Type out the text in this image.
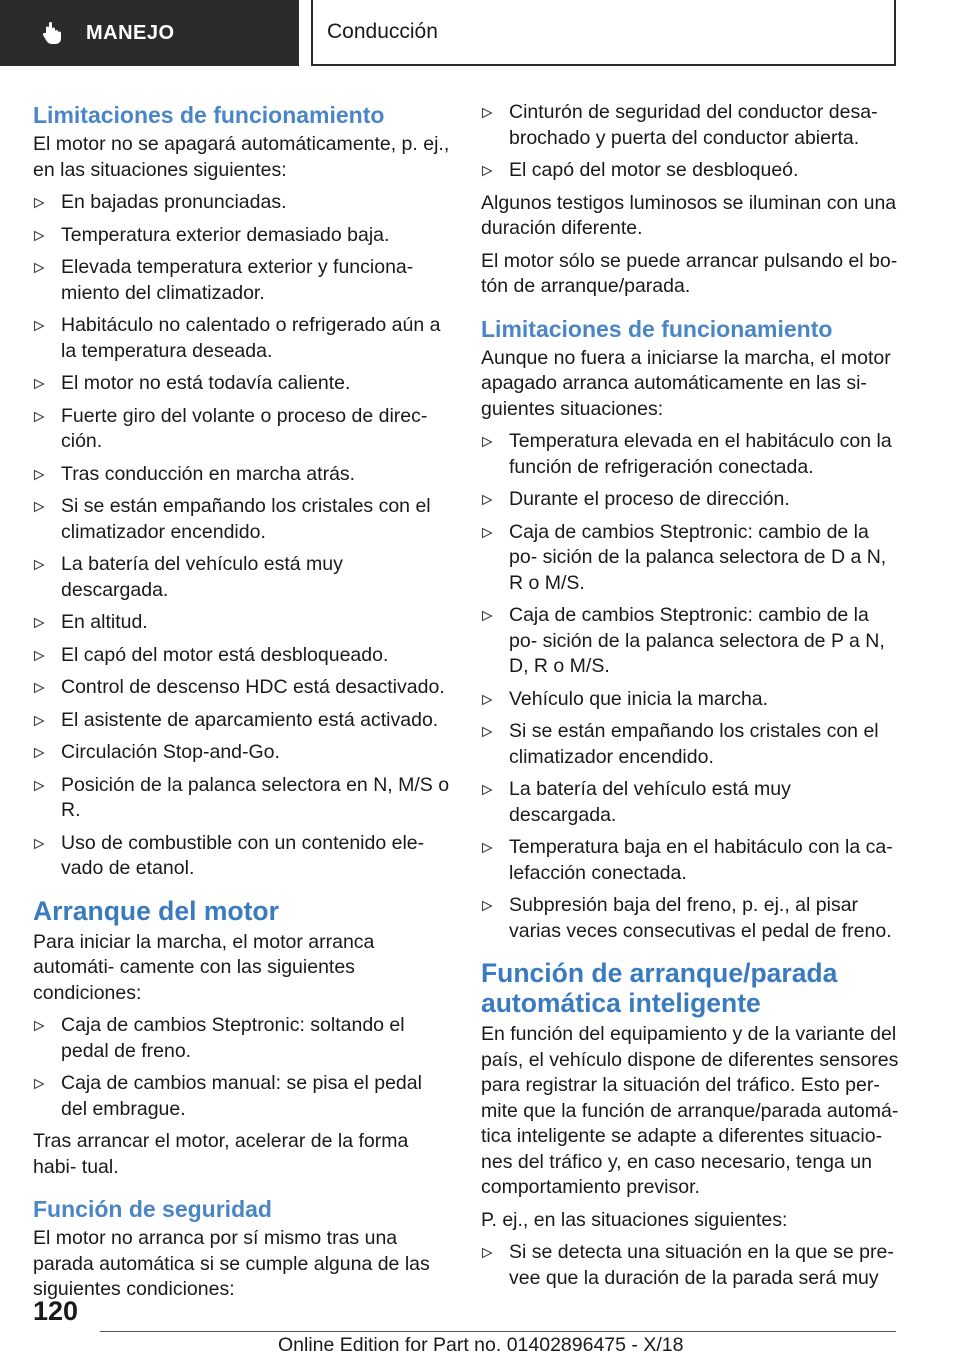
MANEJO	Conducción
Limitaciones de funcionamiento

El motor no se apagará automáticamente, p. ej., en las situaciones siguientes:

En bajadas pronunciadas.
Temperatura exterior demasiado baja.
Elevada temperatura exterior y funciona- miento del climatizador.
Habitáculo no calentado o refrigerado aún a la temperatura deseada.
El motor no está todavía caliente.
Fuerte giro del volante o proceso de direc- ción.
Tras conducción en marcha atrás.
Si se están empañando los cristales con el climatizador encendido.
La batería del vehículo está muy descargada.
En altitud.
El capó del motor está desbloqueado.
Control de descenso HDC está desactivado.
El asistente de aparcamiento está activado.
Circulación Stop-and-Go.
Posición de la palanca selectora en N, M/S o R.
Uso de combustible con un contenido ele- vado de etanol.
Arranque del motor

Para iniciar la marcha, el motor arranca automáti- camente con las siguientes condiciones:

Caja de cambios Steptronic: soltando el pedal de freno.
Caja de cambios manual: se pisa el pedal del embrague.

Tras arrancar el motor, acelerar de la forma habi- tual.

Función de seguridad

El motor no arranca por sí mismo tras una parada automática si se cumple alguna de las siguientes condiciones:

Cinturón de seguridad del conductor desa- brochado y puerta del conductor abierta.
El capó del motor se desbloqueó.

Algunos testigos luminosos se iluminan con una duración diferente.

El motor sólo se puede arrancar pulsando el bo- tón de arranque/parada.

Limitaciones de funcionamiento

Aunque no fuera a iniciarse la marcha, el motor apagado arranca automáticamente en las si- guientes situaciones:

Temperatura elevada en el habitáculo con la función de refrigeración conectada.
Durante el proceso de dirección.
Caja de cambios Steptronic: cambio de la po- sición de la palanca selectora de D a N, R o M/S.
Caja de cambios Steptronic: cambio de la po- sición de la palanca selectora de P a N, D, R o M/S.
Vehículo que inicia la marcha.
Si se están empañando los cristales con el climatizador encendido.
La batería del vehículo está muy descargada.
Temperatura baja en el habitáculo con la ca- lefacción conectada.
Subpresión baja del freno, p. ej., al pisar varias veces consecutivas el pedal de freno.
Función de arranque/parada automática inteligente

En función del equipamiento y de la variante del país, el vehículo dispone de diferentes sensores para registrar la situación del tráfico. Esto per- mite que la función de arranque/parada automá- tica inteligente se adapte a diferentes situacio- nes del tráfico y, en caso necesario, tenga un comportamiento previsor.

P. ej., en las situaciones siguientes:

Si se detecta una situación en la que se pre- vee que la duración de la parada será muy
120
Online Edition for Part no. 01402896475 - X/18
